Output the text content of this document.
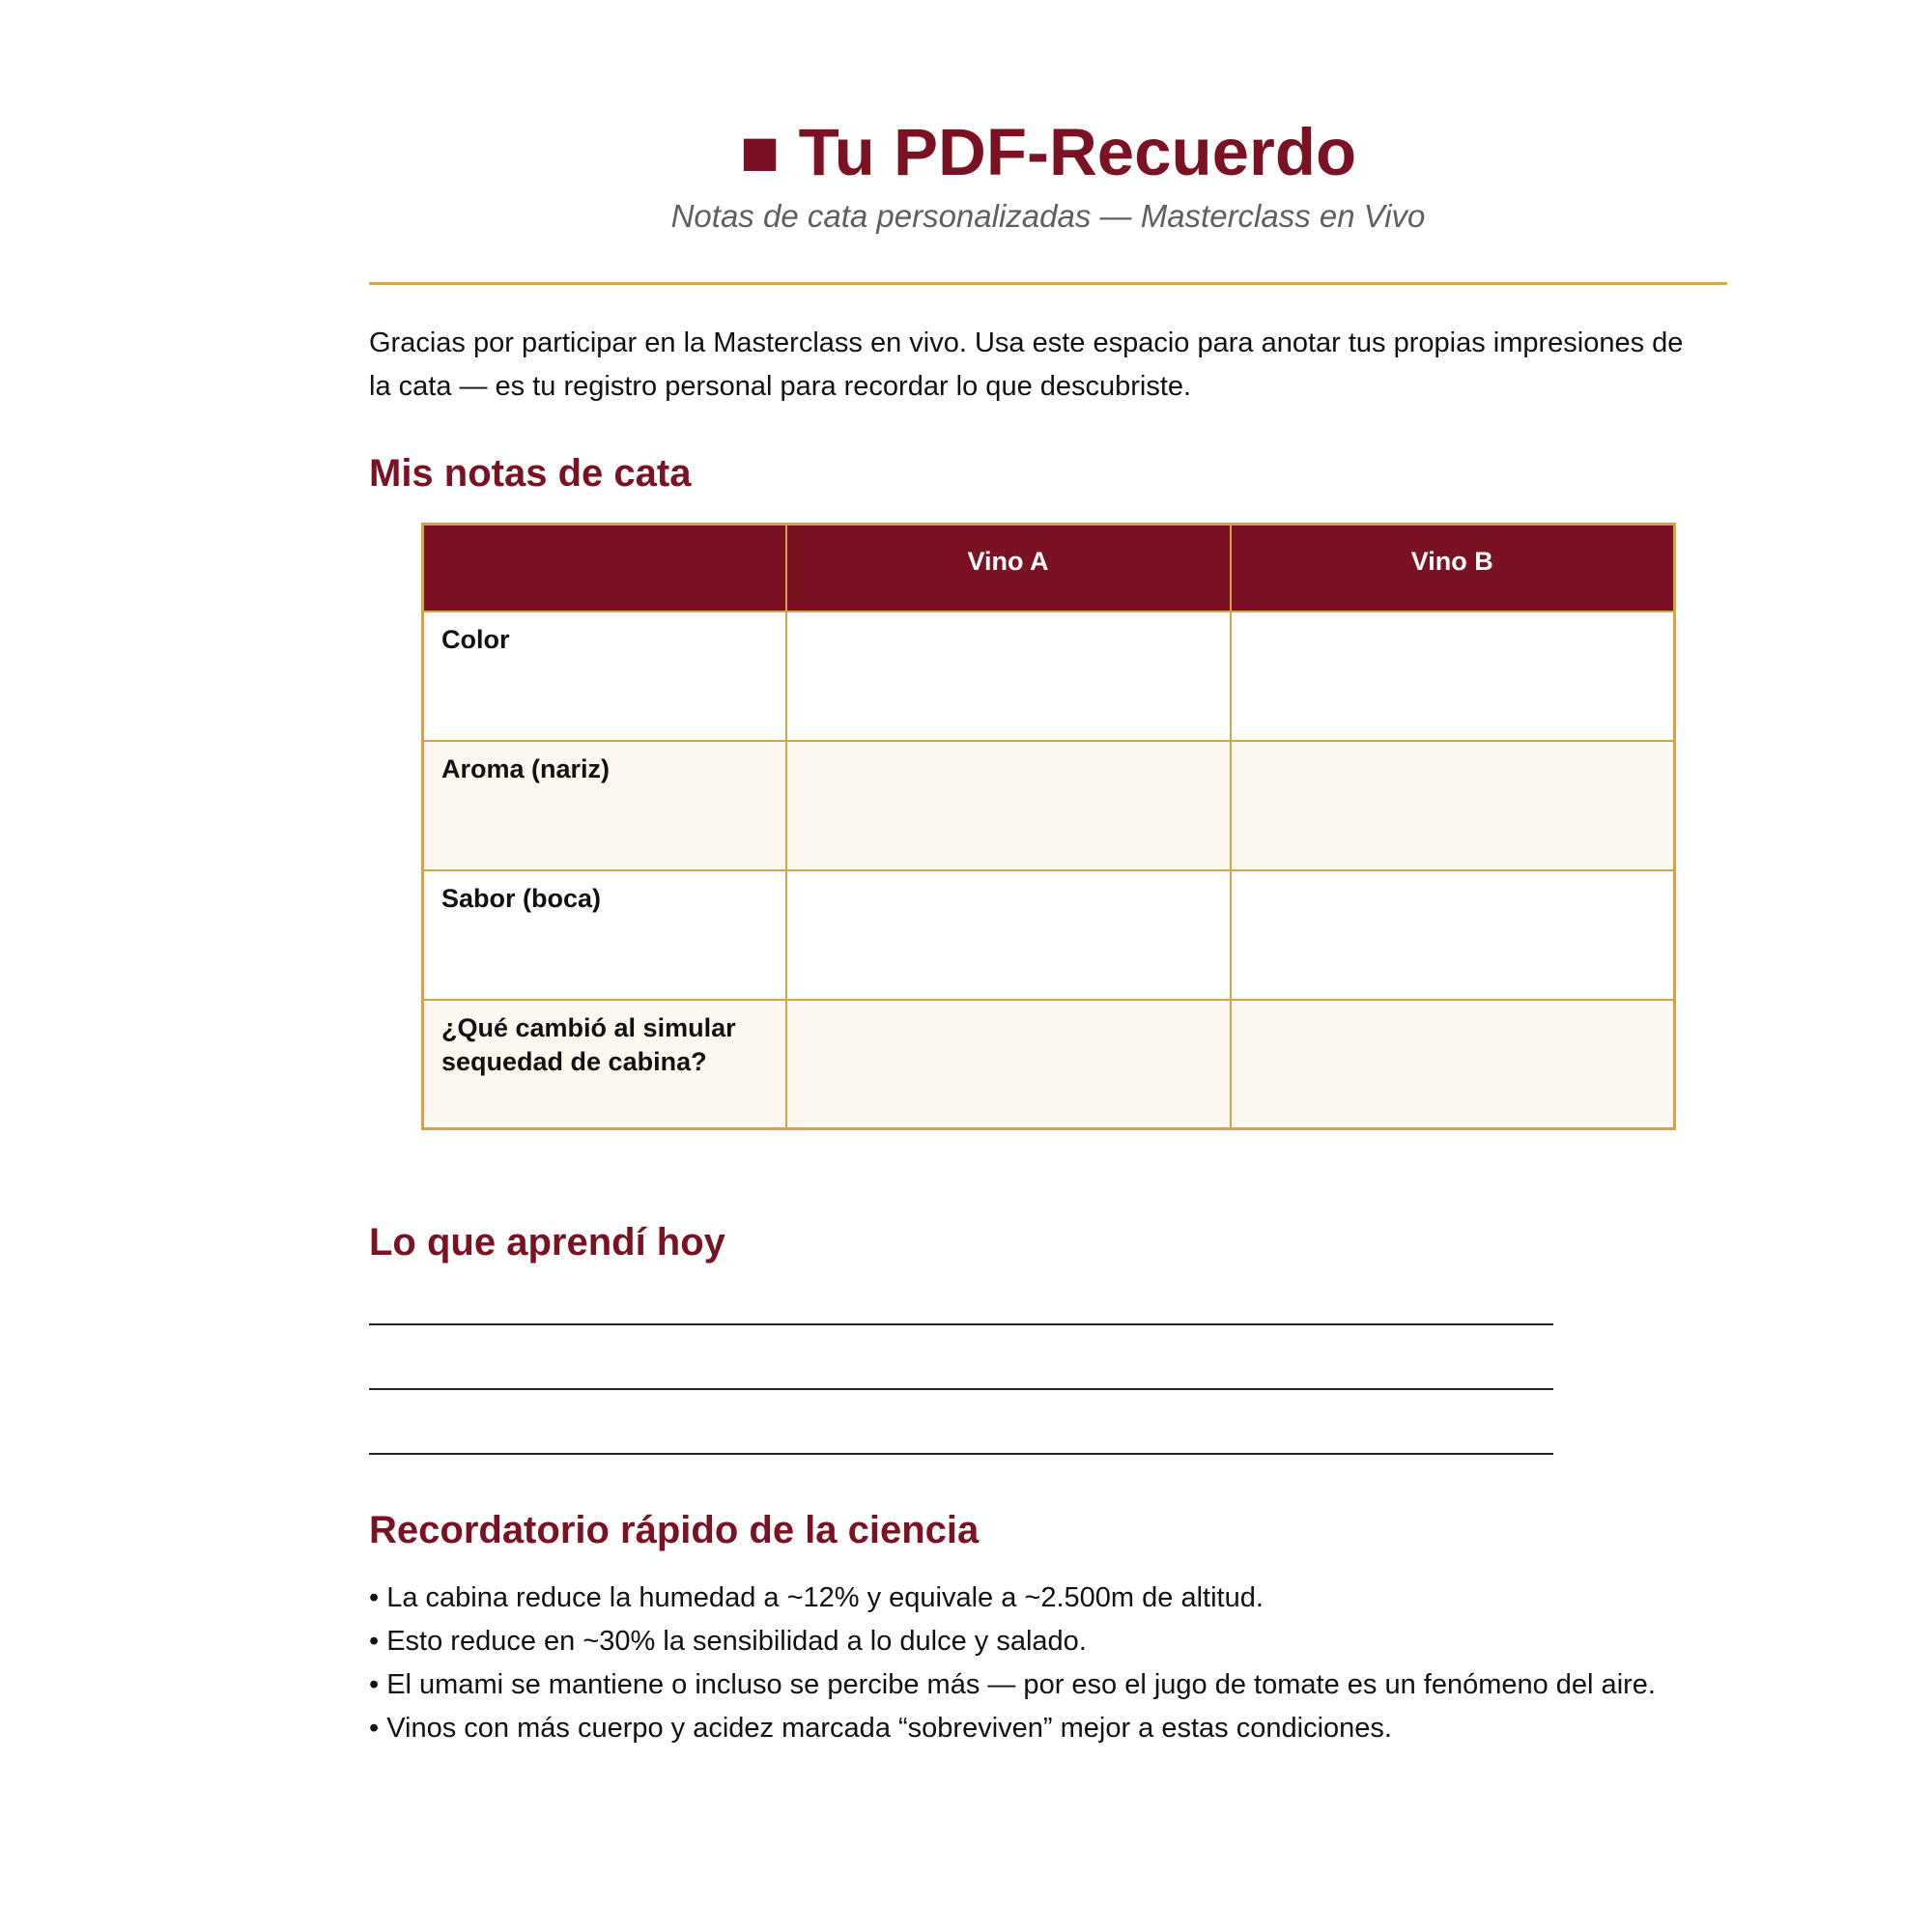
■ Tu PDF-Recuerdo

Notas de cata personalizadas — Masterclass en Vivo

Gracias por participar en la Masterclass en vivo. Usa este espacio para anotar tus propias impresiones de la cata — es tu registro personal para recordar lo que descubriste.

Mis notas de cata
	Vino A	Vino B
Color		
Aroma (nariz)		
Sabor (boca)		
¿Qué cambió al simular sequedad de cabina?		
Lo que aprendí hoy
Recordatorio rápido de la ciencia
• La cabina reduce la humedad a ~12% y equivale a ~2.500m de altitud.
• Esto reduce en ~30% la sensibilidad a lo dulce y salado.
• El umami se mantiene o incluso se percibe más — por eso el jugo de tomate es un fenómeno del aire.
• Vinos con más cuerpo y acidez marcada “sobreviven” mejor a estas condiciones.
